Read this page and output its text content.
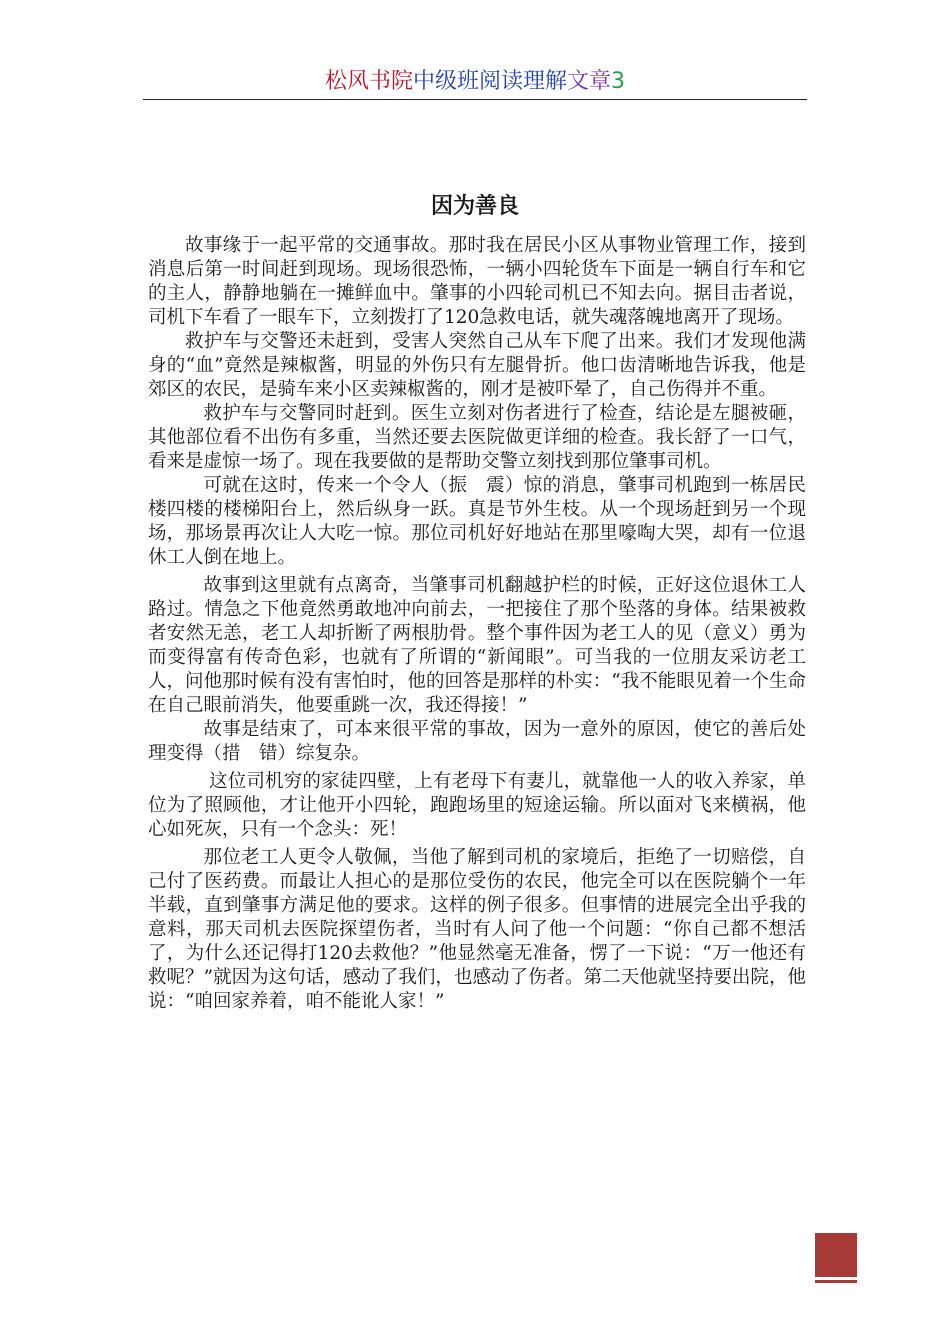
松风书院中级班阅读理解文章3
因为善良

故事缘于一起平常的交通事故。那时我在居民小区从事物业管理工作，接到消息后第一时间赶到现场。现场很恐怖，一辆小四轮货车下面是一辆自行车和它的主人，静静地躺在一摊鲜血中。肇事的小四轮司机已不知去向。据目击者说，司机下车看了一眼车下，立刻拨打了120急救电话，就失魂落魄地离开了现场。

救护车与交警还未赶到，受害人突然自己从车下爬了出来。我们才发现他满身的“血”竟然是辣椒酱，明显的外伤只有左腿骨折。他口齿清晰地告诉我，他是郊区的农民，是骑车来小区卖辣椒酱的，刚才是被吓晕了，自己伤得并不重。

救护车与交警同时赶到。医生立刻对伤者进行了检查，结论是左腿被砸，其他部位看不出伤有多重，当然还要去医院做更详细的检查。我长舒了一口气，看来是虚惊一场了。现在我要做的是帮助交警立刻找到那位肇事司机。

可就在这时，传来一个令人（振　震）惊的消息，肇事司机跑到一栋居民楼四楼的楼梯阳台上，然后纵身一跃。真是节外生枝。从一个现场赶到另一个现场，那场景再次让人大吃一惊。那位司机好好地站在那里嚎啕大哭，却有一位退休工人倒在地上。

故事到这里就有点离奇，当肇事司机翻越护栏的时候，正好这位退休工人路过。情急之下他竟然勇敢地冲向前去，一把接住了那个坠落的身体。结果被救者安然无恙，老工人却折断了两根肋骨。整个事件因为老工人的见（意义）勇为而变得富有传奇色彩，也就有了所谓的“新闻眼”。可当我的一位朋友采访老工人，问他那时候有没有害怕时，他的回答是那样的朴实：“我不能眼见着一个生命在自己眼前消失，他要重跳一次，我还得接！”

故事是结束了，可本来很平常的事故，因为一意外的原因，使它的善后处理变得（措　错）综复杂。

这位司机穷的家徒四壁，上有老母下有妻儿，就靠他一人的收入养家，单位为了照顾他，才让他开小四轮，跑跑场里的短途运输。所以面对飞来横祸，他心如死灰，只有一个念头：死！

那位老工人更令人敬佩，当他了解到司机的家境后，拒绝了一切赔偿，自己付了医药费。而最让人担心的是那位受伤的农民，他完全可以在医院躺个一年半载，直到肇事方满足他的要求。这样的例子很多。但事情的进展完全出乎我的意料，那天司机去医院探望伤者，当时有人问了他一个问题：“你自己都不想活了，为什么还记得打120去救他？”他显然毫无准备，愣了一下说：“万一他还有救呢？”就因为这句话，感动了我们，也感动了伤者。第二天他就坚持要出院，他说：“咱回家养着，咱不能讹人家！”
